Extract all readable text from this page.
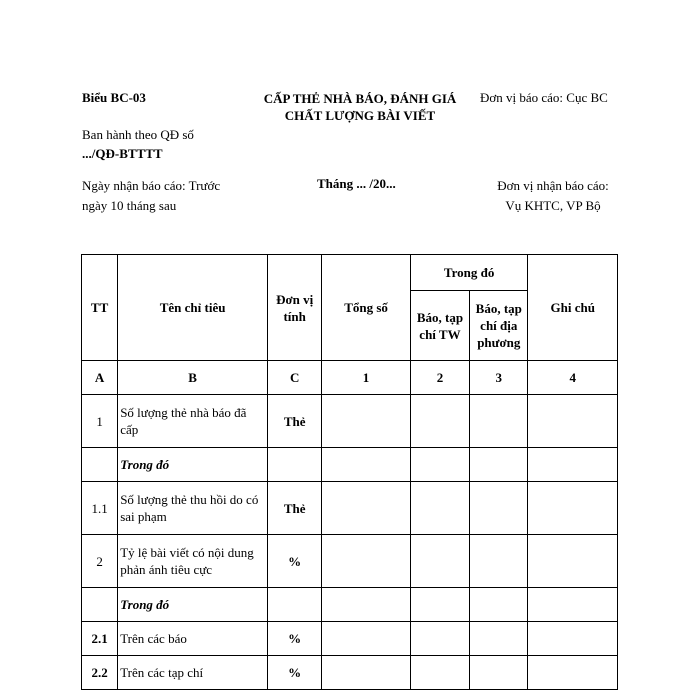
Biểu BC-03	CẤP THẺ NHÀ BÁO, ĐÁNH GIÁ
CHẤT LƯỢNG BÀI VIẾT
Đơn vị báo cáo: Cục BC
Ban hành theo QĐ số
.../QĐ-BTTTT
Ngày nhận báo cáo: Trước
ngày 10 tháng sau
Tháng ... /20...	Đơn vị nhận báo cáo:
Vụ KHTC, VP Bộ
TT	Tên chỉ tiêu	Đơn vị tính	Tổng số	Trong đó		Ghi chú
				Báo, tạp chí TW	Báo, tạp chí địa phương	
A	B	C	1	2	3	4
1	Số lượng thẻ nhà báo đã cấp	Thẻ				
	Trong đó					
1.1	Số lượng thẻ thu hồi do có sai phạm	Thẻ				
2	Tỷ lệ bài viết có nội dung phản ánh tiêu cực	%				
	Trong đó					
2.1	Trên các báo	%				
2.2	Trên các tạp chí	%				
